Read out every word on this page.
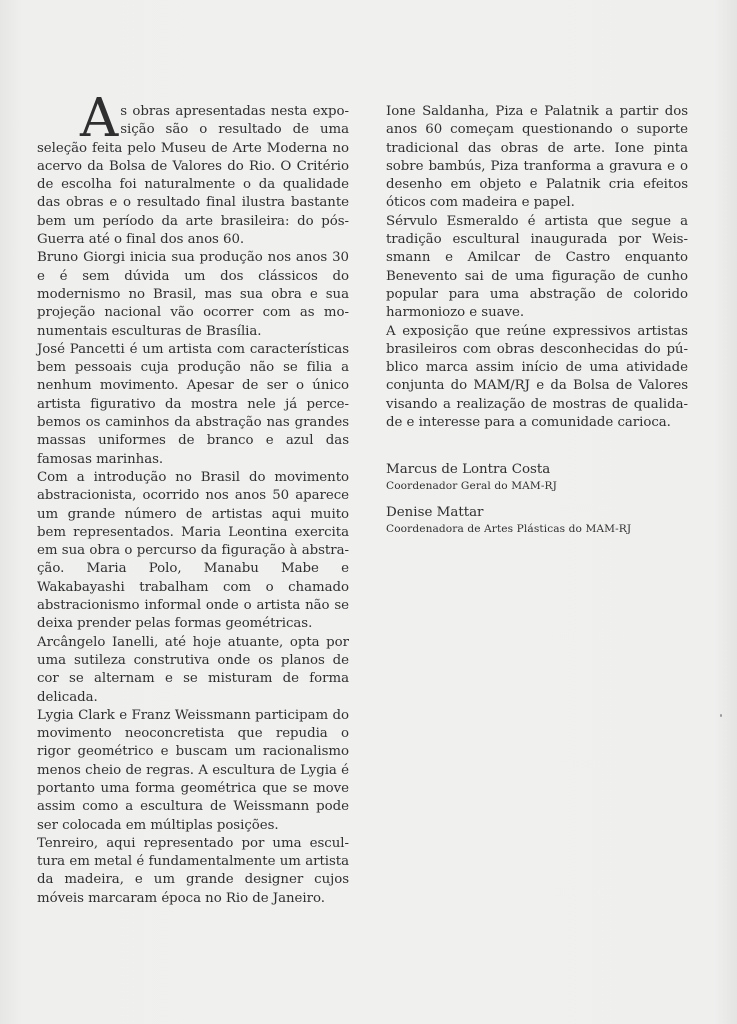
As obras apresentadas nesta exposição são o resultado de uma seleção feita pelo Museu de Arte Moderna no acervo da Bolsa de Valores do Rio. O Critério de escolha foi naturalmente o da qualidade das obras e o resultado final ilustra bastante bem um período da arte brasileira: do pós-Guerra até o final dos anos 60.

Bruno Giorgi inicia sua produção nos anos 30 e é sem dúvida um dos clássicos do modernismo no Brasil, mas sua obra e sua projeção nacional vão ocorrer com as monumentais esculturas de Brasília.

José Pancetti é um artista com características bem pessoais cuja produção não se filia a nenhum movimento. Apesar de ser o único artista figurativo da mostra nele já percebemos os caminhos da abstração nas grandes massas uniformes de branco e azul das famosas marinhas.

Com a introdução no Brasil do movimento abstracionista, ocorrido nos anos 50 aparece um grande número de artistas aqui muito bem representados. Maria Leontina exercita em sua obra o percurso da figuração à abstração. Maria Polo, Manabu Mabe e Wakabayashi trabalham com o chamado abstracionismo informal onde o artista não se deixa prender pelas formas geométricas.

Arcângelo Ianelli, até hoje atuante, opta por uma sutileza construtiva onde os planos de cor se alternam e se misturam de forma delicada.

Lygia Clark e Franz Weissmann participam do movimento neoconcretista que repudia o rigor geométrico e buscam um racionalismo menos cheio de regras. A escultura de Lygia é portanto uma forma geométrica que se move assim como a escultura de Weissmann pode ser colocada em múltiplas posições.

Tenreiro, aqui representado por uma escultura em metal é fundamentalmente um artista da madeira, e um grande designer cujos móveis marcaram época no Rio de Janeiro.

Ione Saldanha, Piza e Palatnik a partir dos anos 60 começam questionando o suporte tradicional das obras de arte. Ione pinta sobre bambús, Piza tranforma a gravura e o desenho em objeto e Palatnik cria efeitos óticos com madeira e papel.

Sérvulo Esmeraldo é artista que segue a tradição escultural inaugurada por Weissmann e Amilcar de Castro enquanto Benevento sai de uma figuração de cunho popular para uma abstração de colorido harmoniozo e suave.

A exposição que reúne expressivos artistas brasileiros com obras desconhecidas do público marca assim início de uma atividade conjunta do MAM/RJ e da Bolsa de Valores visando a realização de mostras de qualidade e interesse para a comunidade carioca.

Marcus de Lontra Costa

Coordenador Geral do MAM-RJ

Denise Mattar

Coordenadora de Artes Plásticas do MAM-RJ
